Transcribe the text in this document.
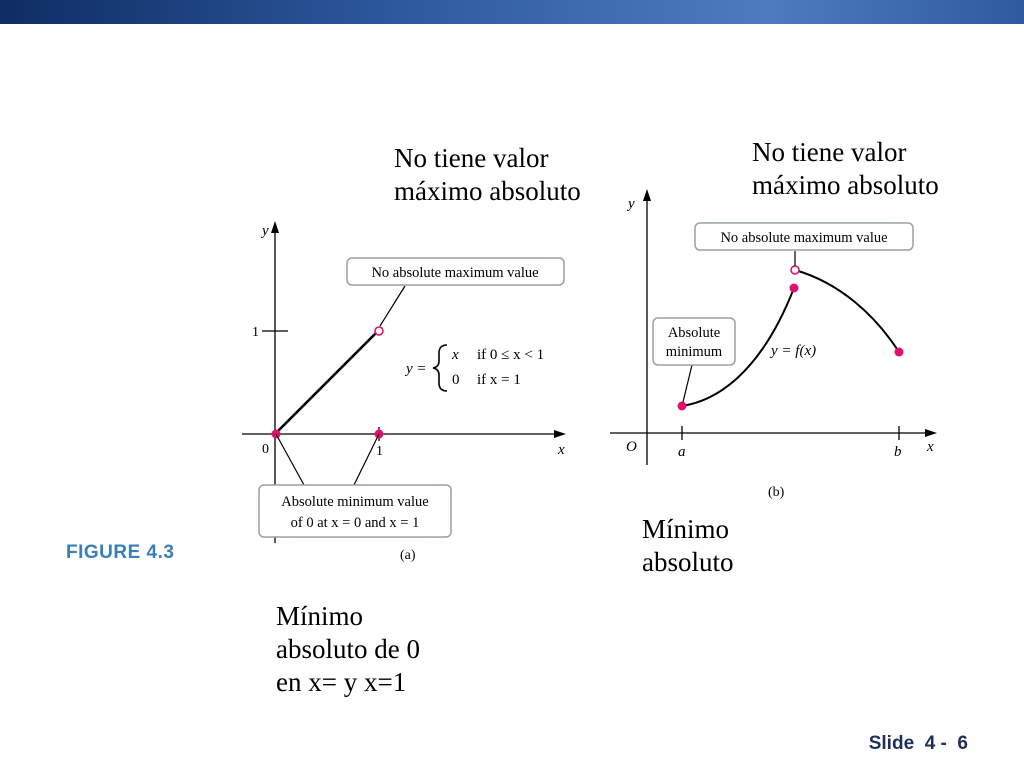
No tiene valor
máximo absoluto
No tiene valor
máximo absoluto
Mínimo
absoluto de 0
en x= y x=1
Mínimo
absoluto
FIGURE 4.3
y
x
1
0	1
No absolute maximum value
y =
x if 0 ≤ x < 1
0 if x = 1
Absolute minimum value
of 0 at x = 0 and x = 1
(a)
y
x
O	a	b
No absolute maximum value
Absolute
minimum	y = f(x)
(b)
Slide  4 -  6
